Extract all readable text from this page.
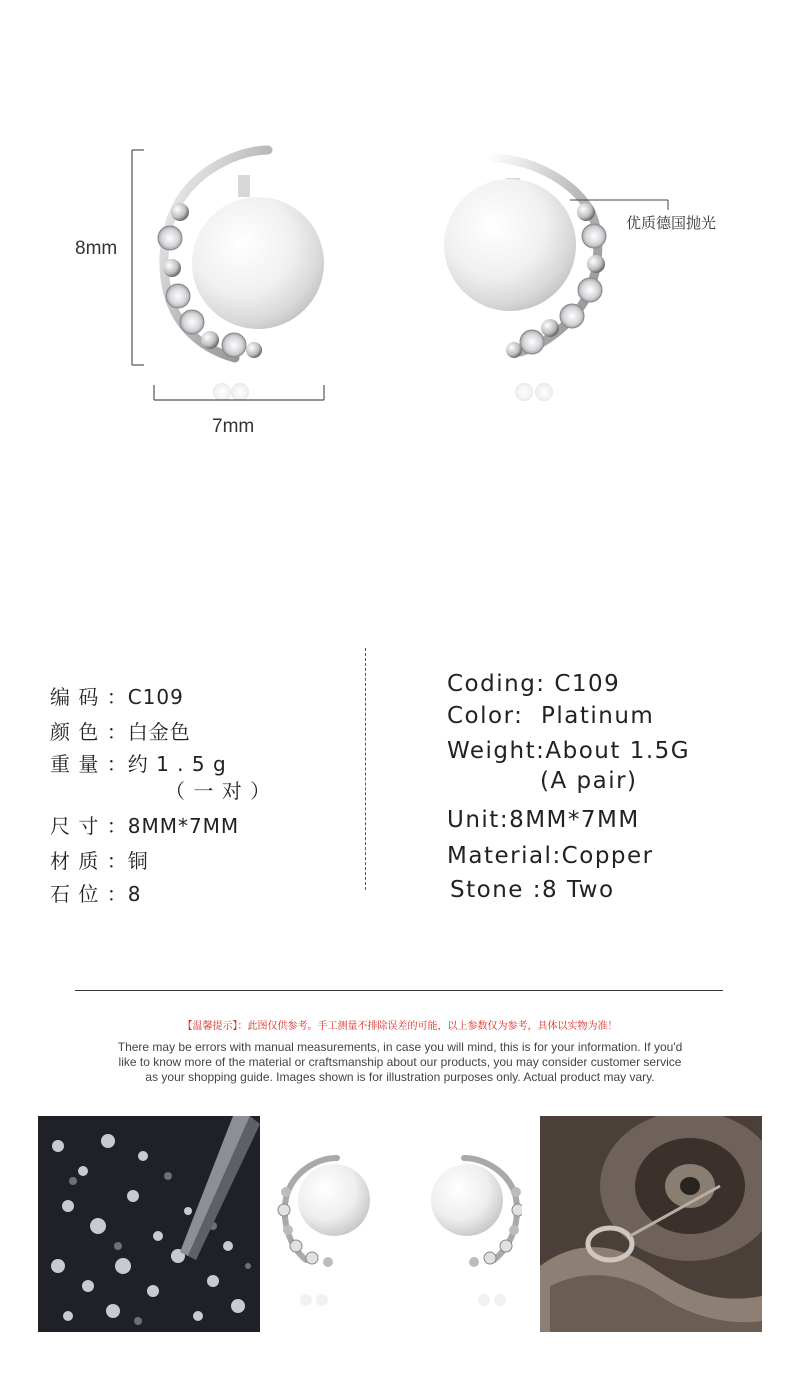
8mm
7mm
优质德国抛光
编 码 ：C109
颜 色 ：白金色
重 量 ：约 1 . 5 g
（ 一 对 ）
尺 寸 ：8MM*7MM
材 质 ：铜
石 位 ：8
Coding: C109
Color:  Platinum
Weight:About 1.5G
(A pair)
Unit:8MM*7MM
Material:Copper
Stone :8 Two
【温馨提示】：此图仅供参考。手工测量不排除误差的可能，以上参数仅为参考，具体以实物为准！
There may be errors with manual measurements, in case you will mind, this is for your information. If you'd
like to know more of the material or craftsmanship about our products, you may consider customer service
as your shopping guide. Images shown is for illustration purposes only. Actual product may vary.
